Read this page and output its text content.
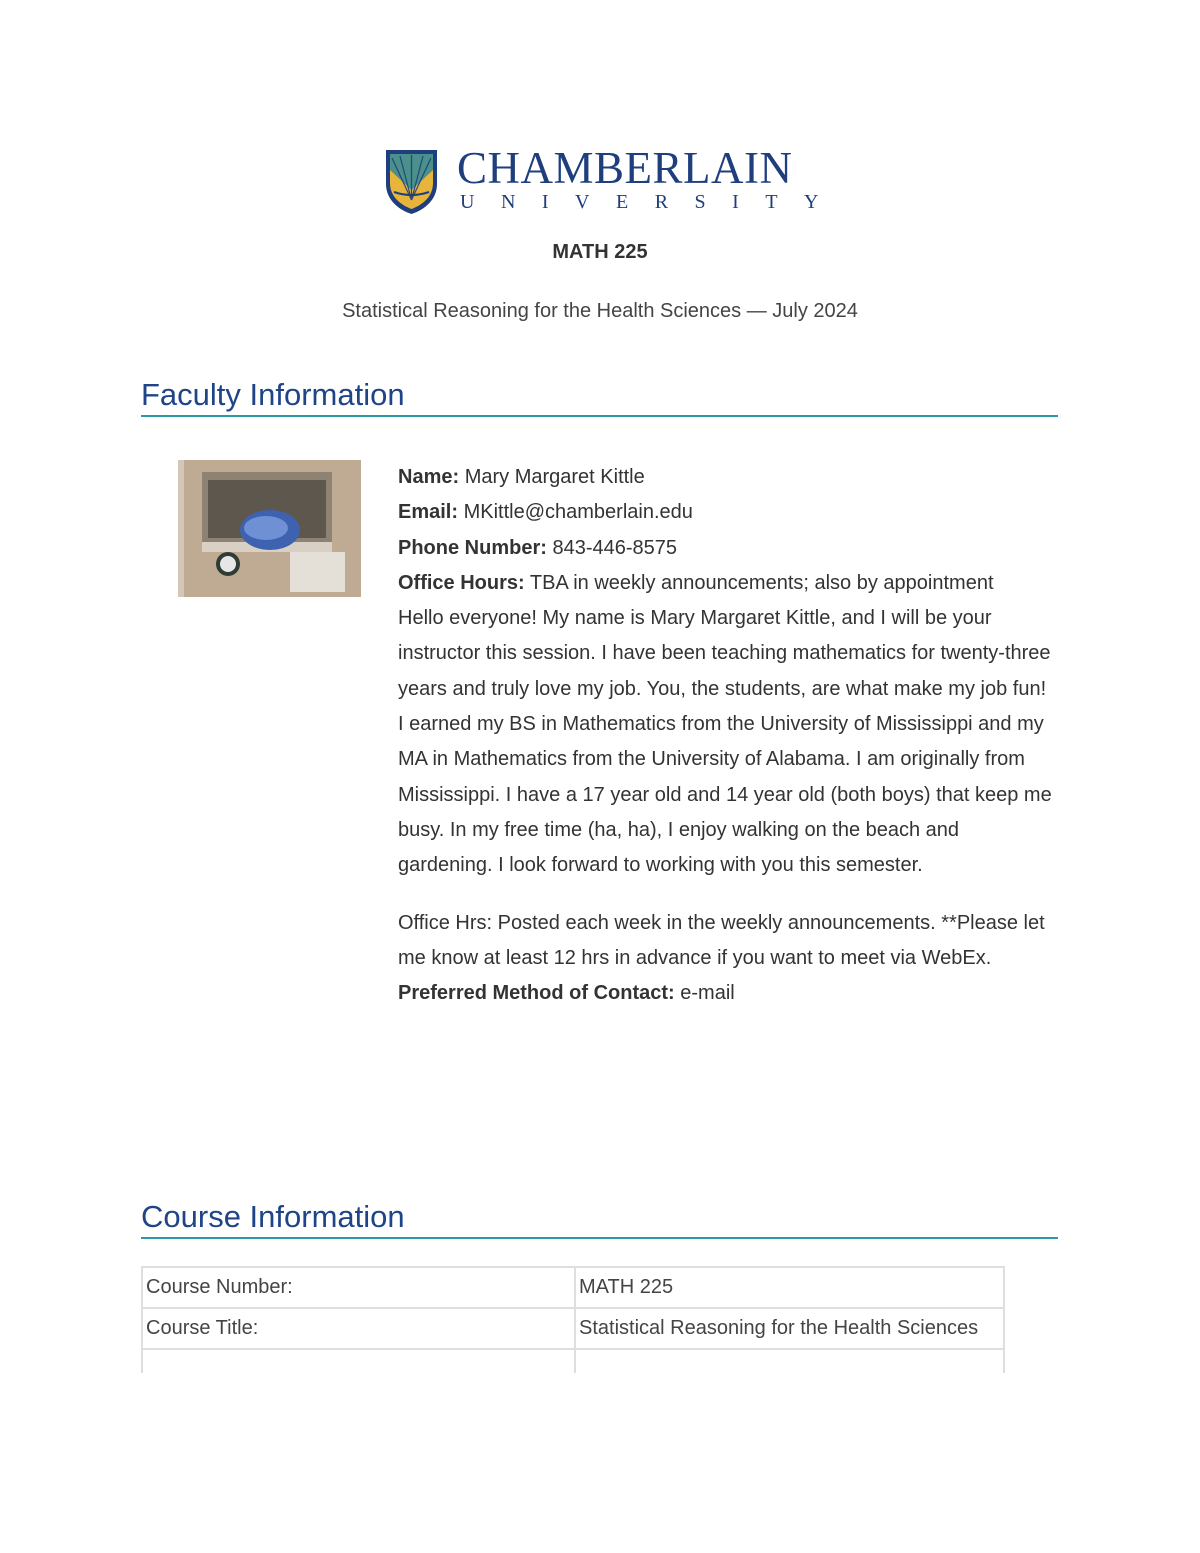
CHAMBERLAIN
UNIVERSITY
MATH 225
Statistical Reasoning for the Health Sciences — July 2024
Faculty Information

Name: Mary Margaret Kittle

Email: MKittle@chamberlain.edu

Phone Number: 843-446-8575

Office Hours: TBA in weekly announcements; also by appointment

Hello everyone! My name is Mary Margaret Kittle, and I will be your instructor this session. I have been teaching mathematics for twenty-three years and truly love my job. You, the students, are what make my job fun!

I earned my BS in Mathematics from the University of Mississippi and my MA in Mathematics from the University of Alabama. I am originally from Mississippi. I have a 17 year old and 14 year old (both boys) that keep me busy. In my free time (ha, ha), I enjoy walking on the beach and gardening. I look forward to working with you this semester.

Office Hrs: Posted each week in the weekly announcements. **Please let me know at least 12 hrs in advance if you want to meet via WebEx.

Preferred Method of Contact: e-mail

Course Information
Course Number:	MATH 225
Course Title:	Statistical Reasoning for the Health Sciences
